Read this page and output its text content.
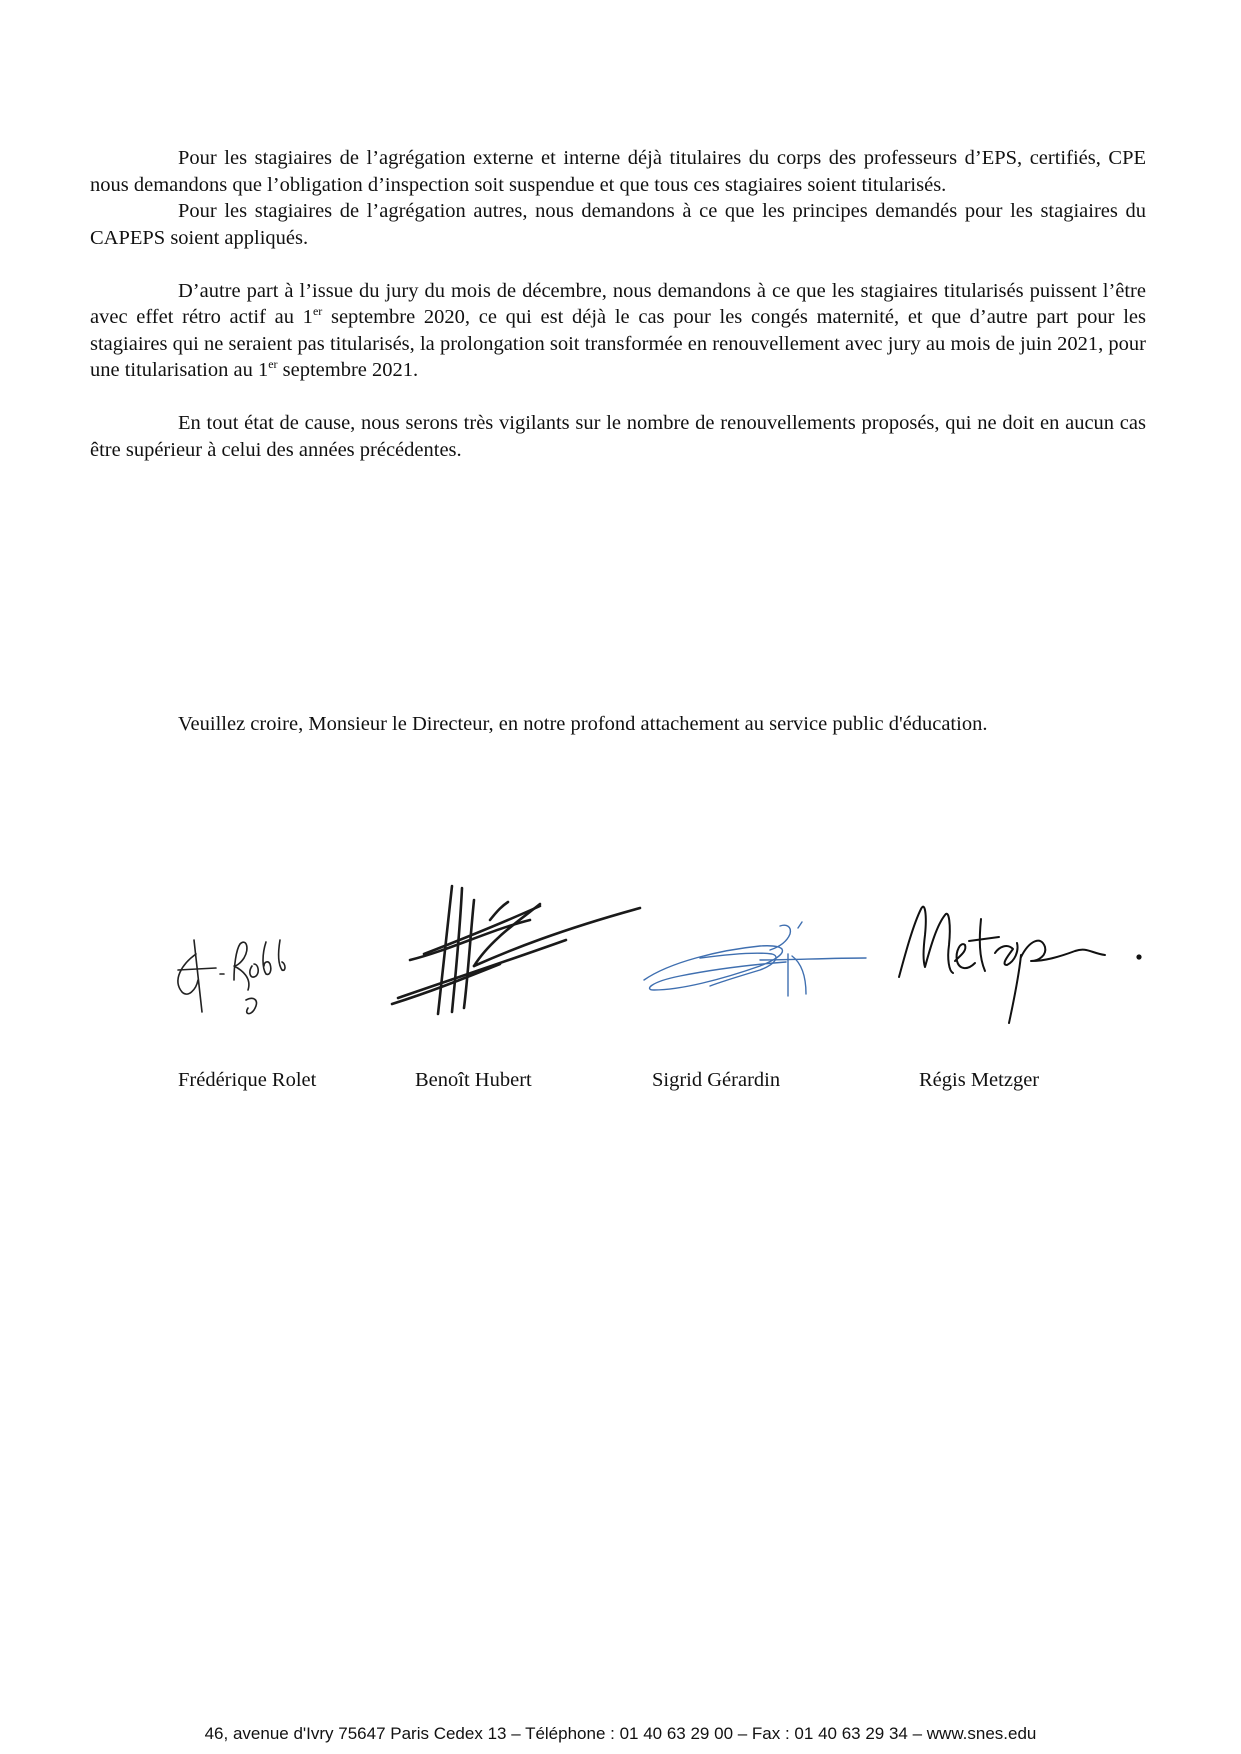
Pour les stagiaires de l’agrégation externe et interne déjà titulaires du corps des professeurs d’EPS, certifiés, CPE nous demandons que l’obligation d’inspection soit suspendue et que tous ces stagiaires soient titularisés.

Pour les stagiaires de l’agrégation autres, nous demandons à ce que les principes demandés pour les stagiaires du CAPEPS soient appliqués.

D’autre part à l’issue du jury du mois de décembre, nous demandons à ce que les stagiaires titularisés puissent l’être avec effet rétro actif au 1er septembre 2020, ce qui est déjà le cas pour les congés maternité, et que d’autre part pour les stagiaires qui ne seraient pas titularisés, la prolongation soit transformée en renouvellement avec jury au mois de juin 2021, pour une titularisation au 1er septembre 2021.

En tout état de cause, nous serons très vigilants sur le nombre de renouvellements proposés, qui ne doit en aucun cas être supérieur à celui des années précédentes.

Veuillez croire, Monsieur le Directeur, en notre profond attachement au service public d'éducation.
Frédérique Rolet	Benoît Hubert	Sigrid Gérardin	Régis Metzger
46, avenue d'Ivry 75647 Paris Cedex 13 – Téléphone : 01 40 63 29 00 – Fax : 01 40 63 29 34 – www.snes.edu
